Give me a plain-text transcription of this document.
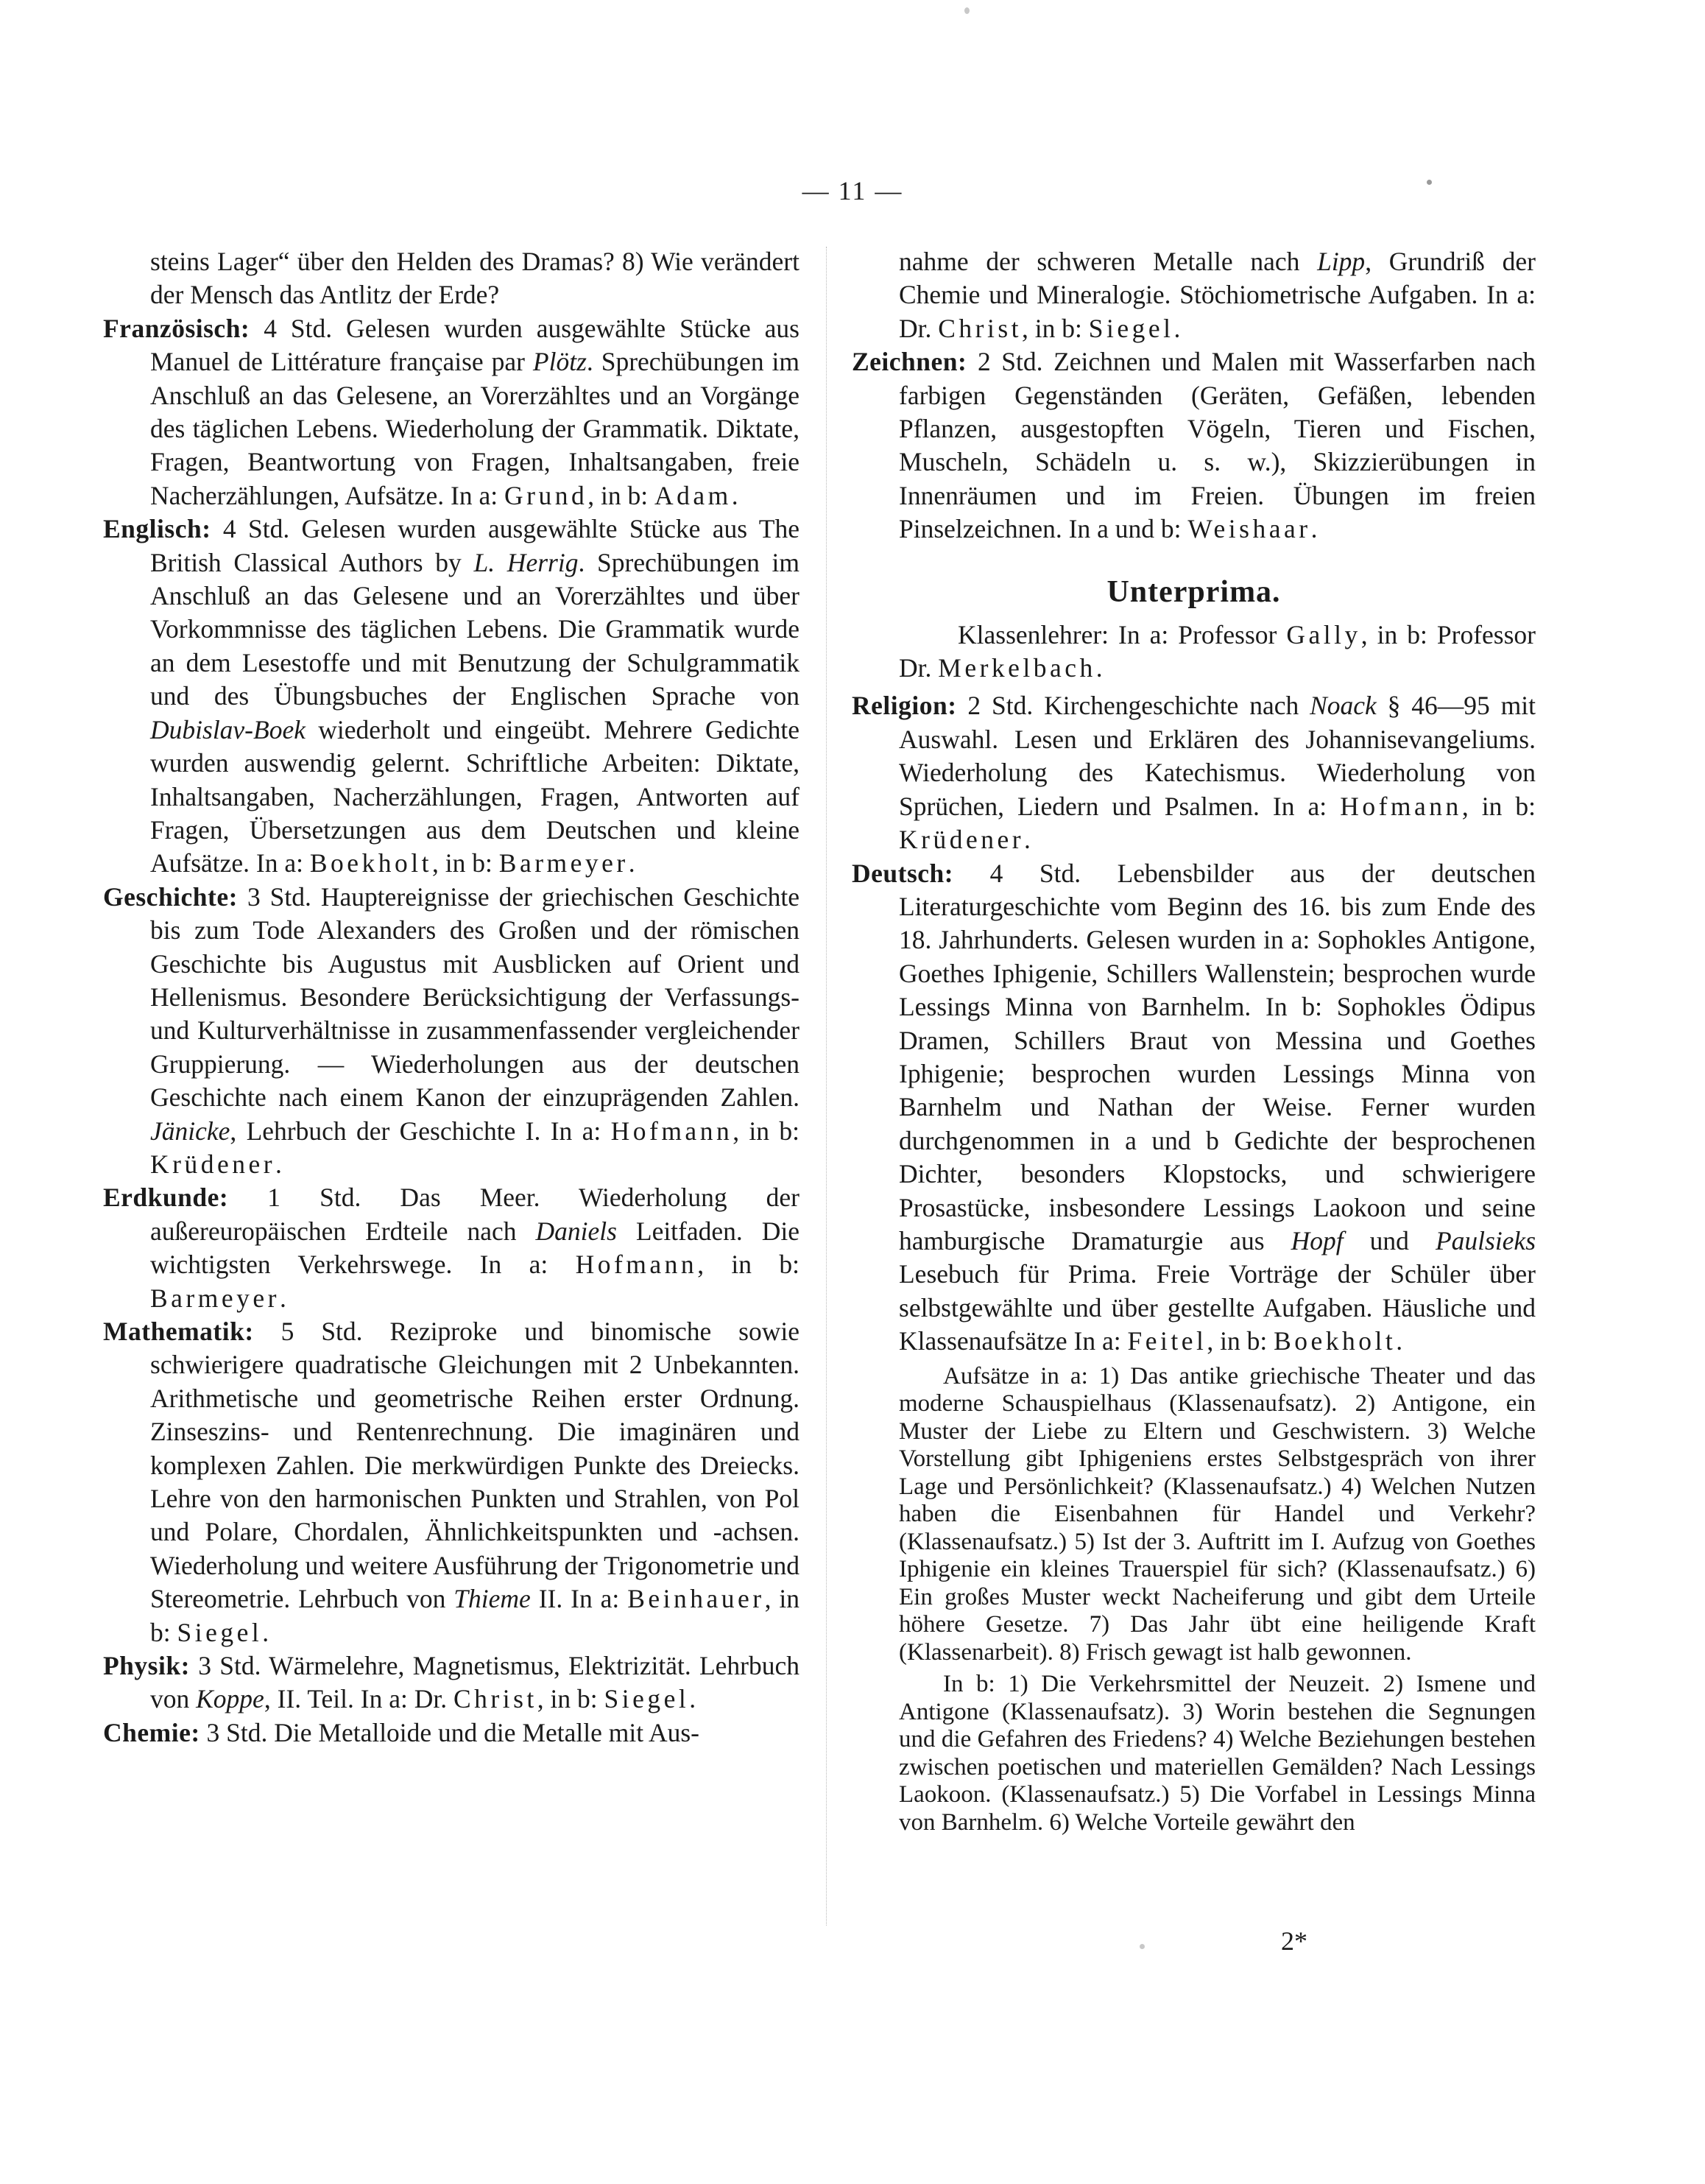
— 11 —

steins Lager“ über den Helden des Dramas? 8) Wie verändert der Mensch das Antlitz der Erde?

Französisch: 4 Std. Gelesen wurden ausgewählte Stücke aus Manuel de Littérature française par Plötz. Sprechübungen im Anschluß an das Gelesene, an Vorerzähltes und an Vorgänge des täglichen Lebens. Wiederholung der Grammatik. Diktate, Fragen, Beantwortung von Fragen, Inhaltsangaben, freie Nacherzählungen, Aufsätze. In a: Grund, in b: Adam.

Englisch: 4 Std. Gelesen wurden ausgewählte Stücke aus The British Classical Authors by L. Herrig. Sprechübungen im Anschluß an das Gelesene und an Vorerzähltes und über Vorkommnisse des täglichen Lebens. Die Grammatik wurde an dem Lesestoffe und mit Benutzung der Schulgrammatik und des Übungsbuches der Englischen Sprache von Dubislav-Boek wiederholt und eingeübt. Mehrere Gedichte wurden auswendig gelernt. Schriftliche Arbeiten: Diktate, Inhaltsangaben, Nacherzählungen, Fragen, Antworten auf Fragen, Übersetzungen aus dem Deutschen und kleine Aufsätze. In a: Boekholt, in b: Barmeyer.

Geschichte: 3 Std. Hauptereignisse der griechischen Geschichte bis zum Tode Alexanders des Großen und der römischen Geschichte bis Augustus mit Ausblicken auf Orient und Hellenismus. Besondere Berücksichtigung der Verfassungs- und Kulturverhältnisse in zusammenfassender vergleichender Gruppierung. — Wiederholungen aus der deutschen Geschichte nach einem Kanon der einzuprägenden Zahlen. Jänicke, Lehrbuch der Geschichte I. In a: Hofmann, in b: Krüdener.

Erdkunde: 1 Std. Das Meer. Wiederholung der außereuropäischen Erdteile nach Daniels Leitfaden. Die wichtigsten Verkehrswege. In a: Hofmann, in b: Barmeyer.

Mathematik: 5 Std. Reziproke und binomische sowie schwierigere quadratische Gleichungen mit 2 Unbekannten. Arithmetische und geometrische Reihen erster Ordnung. Zinseszins- und Rentenrechnung. Die imaginären und komplexen Zahlen. Die merkwürdigen Punkte des Dreiecks. Lehre von den harmonischen Punkten und Strahlen, von Pol und Polare, Chordalen, Ähnlichkeitspunkten und -achsen. Wiederholung und weitere Ausführung der Trigonometrie und Stereometrie. Lehrbuch von Thieme II. In a: Beinhauer, in b: Siegel.

Physik: 3 Std. Wärmelehre, Magnetismus, Elektrizität. Lehrbuch von Koppe, II. Teil. In a: Dr. Christ, in b: Siegel.

Chemie: 3 Std. Die Metalloide und die Metalle mit Aus-

nahme der schweren Metalle nach Lipp, Grundriß der Chemie und Mineralogie. Stöchiometrische Aufgaben. In a: Dr. Christ, in b: Siegel.

Zeichnen: 2 Std. Zeichnen und Malen mit Wasserfarben nach farbigen Gegenständen (Geräten, Gefäßen, lebenden Pflanzen, ausgestopften Vögeln, Tieren und Fischen, Muscheln, Schädeln u. s. w.), Skizzierübungen in Innenräumen und im Freien. Übungen im freien Pinselzeichnen. In a und b: Weishaar.

Unterprima.

Klassenlehrer: In a: Professor Gally, in b: Professor Dr. Merkelbach.

Religion: 2 Std. Kirchengeschichte nach Noack § 46—95 mit Auswahl. Lesen und Erklären des Johannisevangeliums. Wiederholung des Katechismus. Wiederholung von Sprüchen, Liedern und Psalmen. In a: Hofmann, in b: Krüdener.

Deutsch: 4 Std. Lebensbilder aus der deutschen Literaturgeschichte vom Beginn des 16. bis zum Ende des 18. Jahrhunderts. Gelesen wurden in a: Sophokles Antigone, Goethes Iphigenie, Schillers Wallenstein; besprochen wurde Lessings Minna von Barnhelm. In b: Sophokles Ödipus Dramen, Schillers Braut von Messina und Goethes Iphigenie; besprochen wurden Lessings Minna von Barnhelm und Nathan der Weise. Ferner wurden durchgenommen in a und b Gedichte der besprochenen Dichter, besonders Klopstocks, und schwierigere Prosastücke, insbesondere Lessings Laokoon und seine hamburgische Dramaturgie aus Hopf und Paulsieks Lesebuch für Prima. Freie Vorträge der Schüler über selbstgewählte und über gestellte Aufgaben. Häusliche und Klassenaufsätze In a: Feitel, in b: Boekholt.

Aufsätze in a: 1) Das antike griechische Theater und das moderne Schauspielhaus (Klassenaufsatz). 2) Antigone, ein Muster der Liebe zu Eltern und Geschwistern. 3) Welche Vorstellung gibt Iphigeniens erstes Selbstgespräch von ihrer Lage und Persönlichkeit? (Klassenaufsatz.) 4) Welchen Nutzen haben die Eisenbahnen für Handel und Verkehr? (Klassenaufsatz.) 5) Ist der 3. Auftritt im I. Aufzug von Goethes Iphigenie ein kleines Trauerspiel für sich? (Klassenaufsatz.) 6) Ein großes Muster weckt Nacheiferung und gibt dem Urteile höhere Gesetze. 7) Das Jahr übt eine heiligende Kraft (Klassenarbeit). 8) Frisch gewagt ist halb gewonnen.

In b: 1) Die Verkehrsmittel der Neuzeit. 2) Ismene und Antigone (Klassenaufsatz). 3) Worin bestehen die Segnungen und die Gefahren des Friedens? 4) Welche Beziehungen bestehen zwischen poetischen und materiellen Gemälden? Nach Lessings Laokoon. (Klassenaufsatz.) 5) Die Vorfabel in Lessings Minna von Barnhelm. 6) Welche Vorteile gewährt den

2*
